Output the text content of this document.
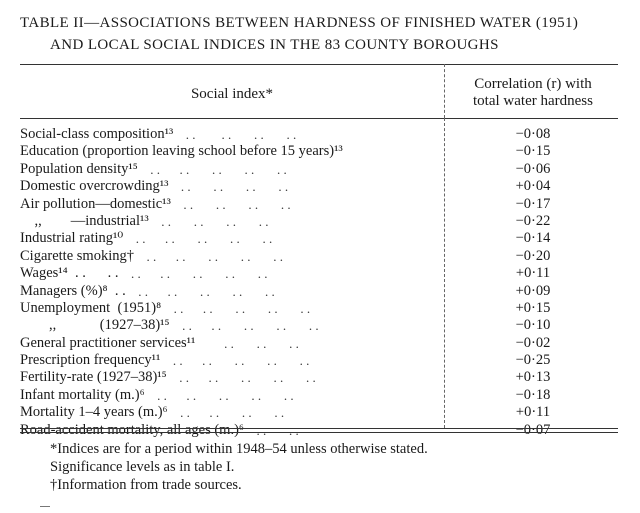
TABLE II—ASSOCIATIONS BETWEEN HARDNESS OF FINISHED WATER (1951)
AND LOCAL SOCIAL INDICES IN THE 83 COUNTY BOROUGHS
Social index*
Correlation (r) with
total water hardness
Social-class composition¹³ . .        . .       . .       . .	−0·08
Education (proportion leaving school before 15 years)¹³	−0·15
Population density¹⁵ . .      . .       . .       . .       . .	−0·06
Domestic overcrowding¹³ . .       . .       . .       . .	+0·04
Air pollution—domestic¹³ . .       . .       . .       . .	−0·17
,,        —industrial¹³ . .       . .       . .       . .	−0·22
Industrial rating¹⁰ . .      . .       . .       . .       . .	−0·14
Cigarette smoking† . .      . .       . .       . .       . .	−0·20
Wages¹⁴  . .      . . . .      . .       . .       . .       . .	+0·11
Managers (%)⁸  . . . .      . .       . .       . .       . .	+0·09
Unemployment  (1951)⁸ . .      . .       . .       . .       . .	+0·15
,,            (1927–38)¹⁵ . .      . .       . .       . .       . .	−0·10
General practitioner services¹¹ . .       . .       . .	−0·02
Prescription frequency¹¹ . .      . .       . .       . .       . .	−0·25
Fertility-rate (1927–38)¹⁵ . .      . .       . .       . .       . .	+0·13
Infant mortality (m.)⁶ . .      . .       . .       . .       . .	−0·18
Mortality 1–4 years (m.)⁶ . .      . .       . .       . .	+0·11
Road-accident mortality, all ages (m.)⁶ . .       . .	−0·07
*Indices are for a period within 1948–54 unless otherwise stated.
Significance levels as in table I.
†Information from trade sources.
